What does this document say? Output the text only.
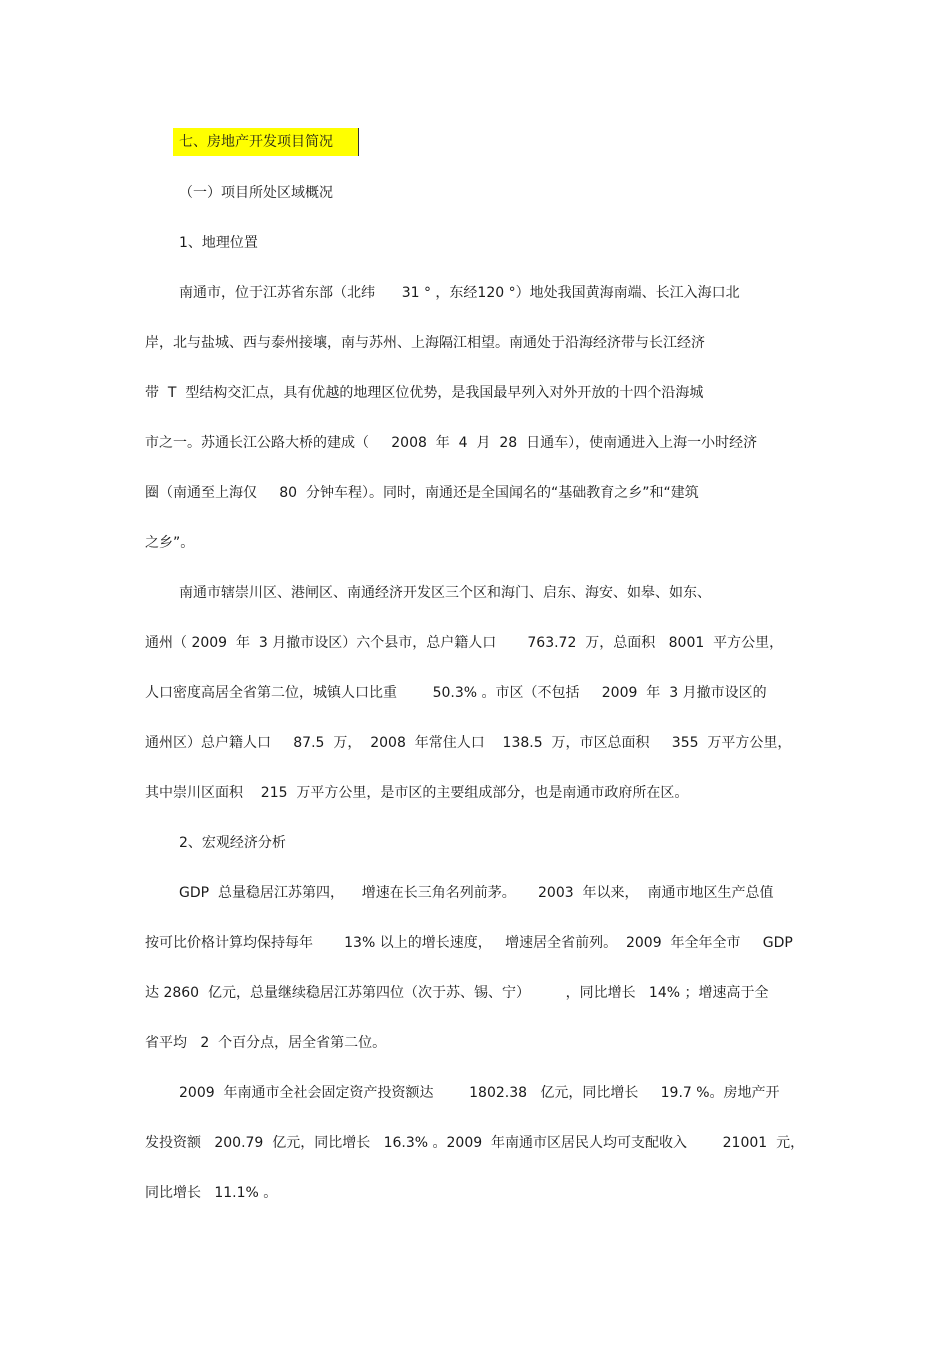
七、房地产开发项目简况
（一）项目所处区域概况
1、地理位置
南通市，位于江苏省东部（北纬      31 ° ，东经120 °）地处我国黄海南端、长江入海口北
岸，北与盐城、西与泰州接壤，南与苏州、上海隔江相望。南通处于沿海经济带与长江经济
带  T  型结构交汇点，具有优越的地理区位优势，是我国最早列入对外开放的十四个沿海城
市之一。苏通长江公路大桥的建成（     2008  年  4  月  28  日通车），使南通进入上海一小时经济
圈（南通至上海仅     80  分钟车程）。同时，南通还是全国闻名的“基础教育之乡”和“建筑
之乡”。
南通市辖崇川区、港闸区、南通经济开发区三个区和海门、启东、海安、如皋、如东、
通州（ 2009  年  3 月撤市设区）六个县市，总户籍人口       763.72  万，总面积   8001  平方公里，
人口密度高居全省第二位，城镇人口比重        50.3% 。市区（不包括     2009  年  3 月撤市设区的
通州区）总户籍人口     87.5  万，  2008  年常住人口    138.5  万，市区总面积     355  万平方公里，
其中崇川区面积    215  万平方公里，是市区的主要组成部分，也是南通市政府所在区。
2、宏观经济分析
GDP  总量稳居江苏第四，    增速在长三角名列前茅。     2003  年以来，  南通市地区生产总值
按可比价格计算均保持每年       13% 以上的增长速度，   增速居全省前列。  2009  年全年全市     GDP
达 2860  亿元，总量继续稳居江苏第四位（次于苏、锡、宁）        ，同比增长   14% ；增速高于全
省平均   2  个百分点，居全省第二位。
2009  年南通市全社会固定资产投资额达        1802.38   亿元，同比增长     19.7 %。房地产开
发投资额   200.79  亿元，同比增长   16.3% 。2009  年南通市区居民人均可支配收入        21001  元，
同比增长   11.1% 。
